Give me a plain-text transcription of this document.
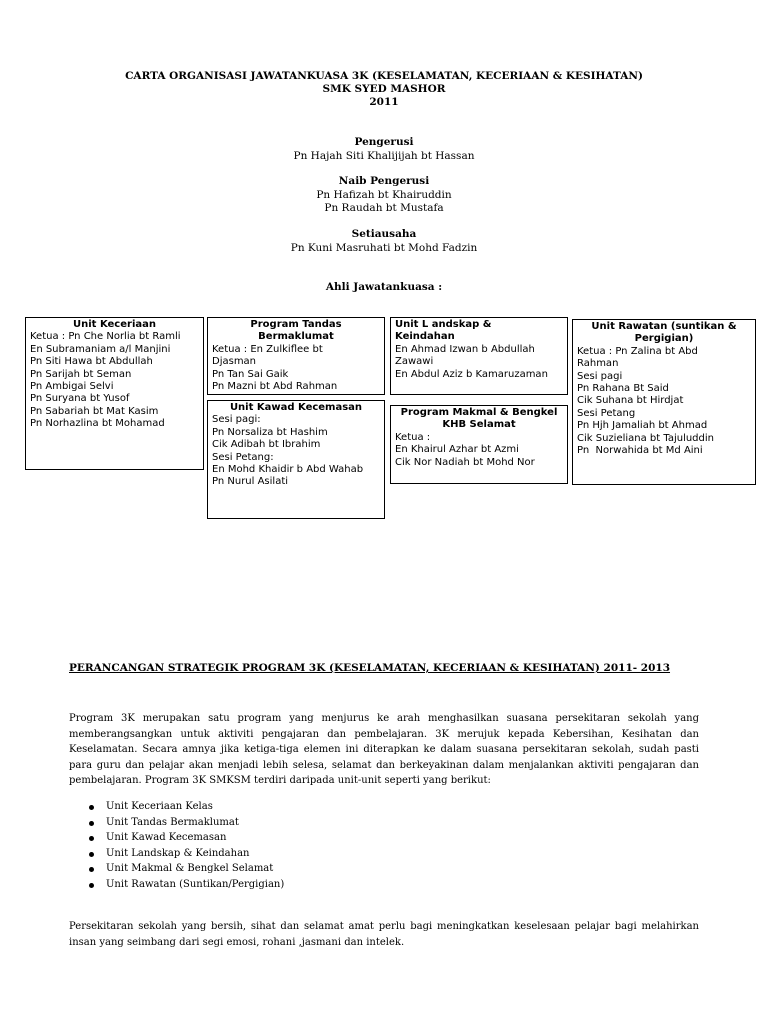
CARTA ORGANISASI JAWATANKUASA 3K (KESELAMATAN, KECERIAAN & KESIHATAN)
SMK SYED MASHOR
2011
Pengerusi
Pn Hajah Siti Khalijijah bt Hassan
Naib Pengerusi
Pn Hafizah bt Khairuddin
Pn Raudah bt Mustafa
Setiausaha
Pn Kuni Masruhati bt Mohd Fadzin
Ahli Jawatankuasa :
Unit Keceriaan
Ketua : Pn Che Norlia bt Ramli
En Subramaniam a/l Manjini
Pn Siti Hawa bt Abdullah
Pn Sarijah bt Seman
Pn Ambigai Selvi
Pn Suryana bt Yusof
Pn Sabariah bt Mat Kasim
Pn Norhazlina bt Mohamad
Program Tandas Bermaklumat
Ketua : En Zulkiflee bt Djasman
Pn Tan Sai Gaik
Pn Mazni bt Abd Rahman
Unit Kawad Kecemasan
Sesi pagi:
Pn Norsaliza bt Hashim
Cik Adibah bt Ibrahim
Sesi Petang:
En Mohd Khaidir b Abd Wahab
Pn Nurul Asilati
Unit L andskap & Keindahan
En Ahmad Izwan b Abdullah Zawawi
En Abdul Aziz b Kamaruzaman
Program Makmal & Bengkel KHB Selamat
Ketua :
En Khairul Azhar bt Azmi
Cik Nor Nadiah bt Mohd Nor
Unit Rawatan (suntikan & Pergigian)
Ketua : Pn Zalina bt Abd Rahman
Sesi pagi
Pn Rahana Bt Said
Cik Suhana bt Hirdjat
Sesi Petang
Pn Hjh Jamaliah bt Ahmad
Cik Suzieliana bt Tajuluddin
Pn  Norwahida bt Md Aini
PERANCANGAN STRATEGIK PROGRAM 3K (KESELAMATAN, KECERIAAN & KESIHATAN) 2011- 2013
Program 3K merupakan satu program yang menjurus ke arah menghasilkan suasana persekitaran sekolah yang memberangsangkan untuk aktiviti pengajaran dan pembelajaran. 3K merujuk kepada Kebersihan, Kesihatan dan Keselamatan. Secara amnya jika ketiga-tiga elemen ini diterapkan ke dalam suasana persekitaran sekolah, sudah pasti para guru dan pelajar akan menjadi lebih selesa, selamat dan berkeyakinan dalam menjalankan aktiviti pengajaran dan pembelajaran. Program 3K SMKSM terdiri daripada unit-unit seperti yang berikut:
Unit Keceriaan Kelas
Unit Tandas Bermaklumat
Unit Kawad Kecemasan
Unit Landskap & Keindahan
Unit Makmal & Bengkel Selamat
Unit Rawatan (Suntikan/Pergigian)
Persekitaran sekolah yang bersih, sihat dan selamat amat perlu bagi meningkatkan keselesaan pelajar bagi melahirkan insan yang seimbang dari segi emosi, rohani ,jasmani dan intelek.
